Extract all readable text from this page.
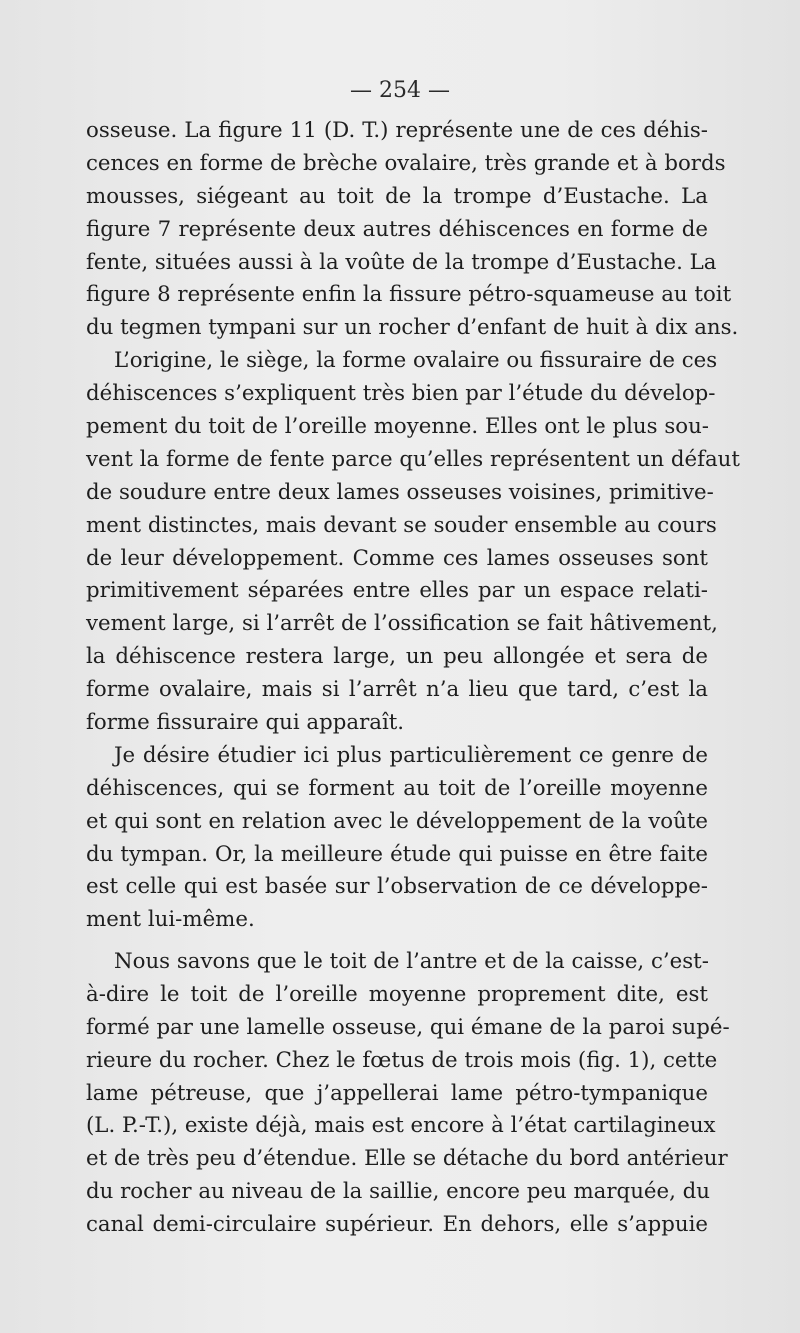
— 254 —
osseuse. La figure 11 (D. T.) représente une de ces déhis-
cences en forme de brèche ovalaire, très grande et à bords
mousses, siégeant au toit de la trompe d’Eustache. La
figure 7 représente deux autres déhiscences en forme de
fente, situées aussi à la voûte de la trompe d’Eustache. La
figure 8 représente enfin la fissure pétro-squameuse au toit
du tegmen tympani sur un rocher d’enfant de huit à dix ans.
L’origine, le siège, la forme ovalaire ou fissuraire de ces
déhiscences s’expliquent très bien par l’étude du dévelop-
pement du toit de l’oreille moyenne. Elles ont le plus sou-
vent la forme de fente parce qu’elles représentent un défaut
de soudure entre deux lames osseuses voisines, primitive-
ment distinctes, mais devant se souder ensemble au cours
de leur développement. Comme ces lames osseuses sont
primitivement séparées entre elles par un espace relati-
vement large, si l’arrêt de l’ossification se fait hâtivement,
la déhiscence restera large, un peu allongée et sera de
forme ovalaire, mais si l’arrêt n’a lieu que tard, c’est la
forme fissuraire qui apparaît.
Je désire étudier ici plus particulièrement ce genre de
déhiscences, qui se forment au toit de l’oreille moyenne
et qui sont en relation avec le développement de la voûte
du tympan. Or, la meilleure étude qui puisse en être faite
est celle qui est basée sur l’observation de ce développe-
ment lui-même.
Nous savons que le toit de l’antre et de la caisse, c’est-
à-dire le toit de l’oreille moyenne proprement dite, est
formé par une lamelle osseuse, qui émane de la paroi supé-
rieure du rocher. Chez le fœtus de trois mois (fig. 1), cette
lame pétreuse, que j’appellerai lame pétro-tympanique
(L. P.-T.), existe déjà, mais est encore à l’état cartilagineux
et de très peu d’étendue. Elle se détache du bord antérieur
du rocher au niveau de la saillie, encore peu marquée, du
canal demi-circulaire supérieur. En dehors, elle s’appuie
